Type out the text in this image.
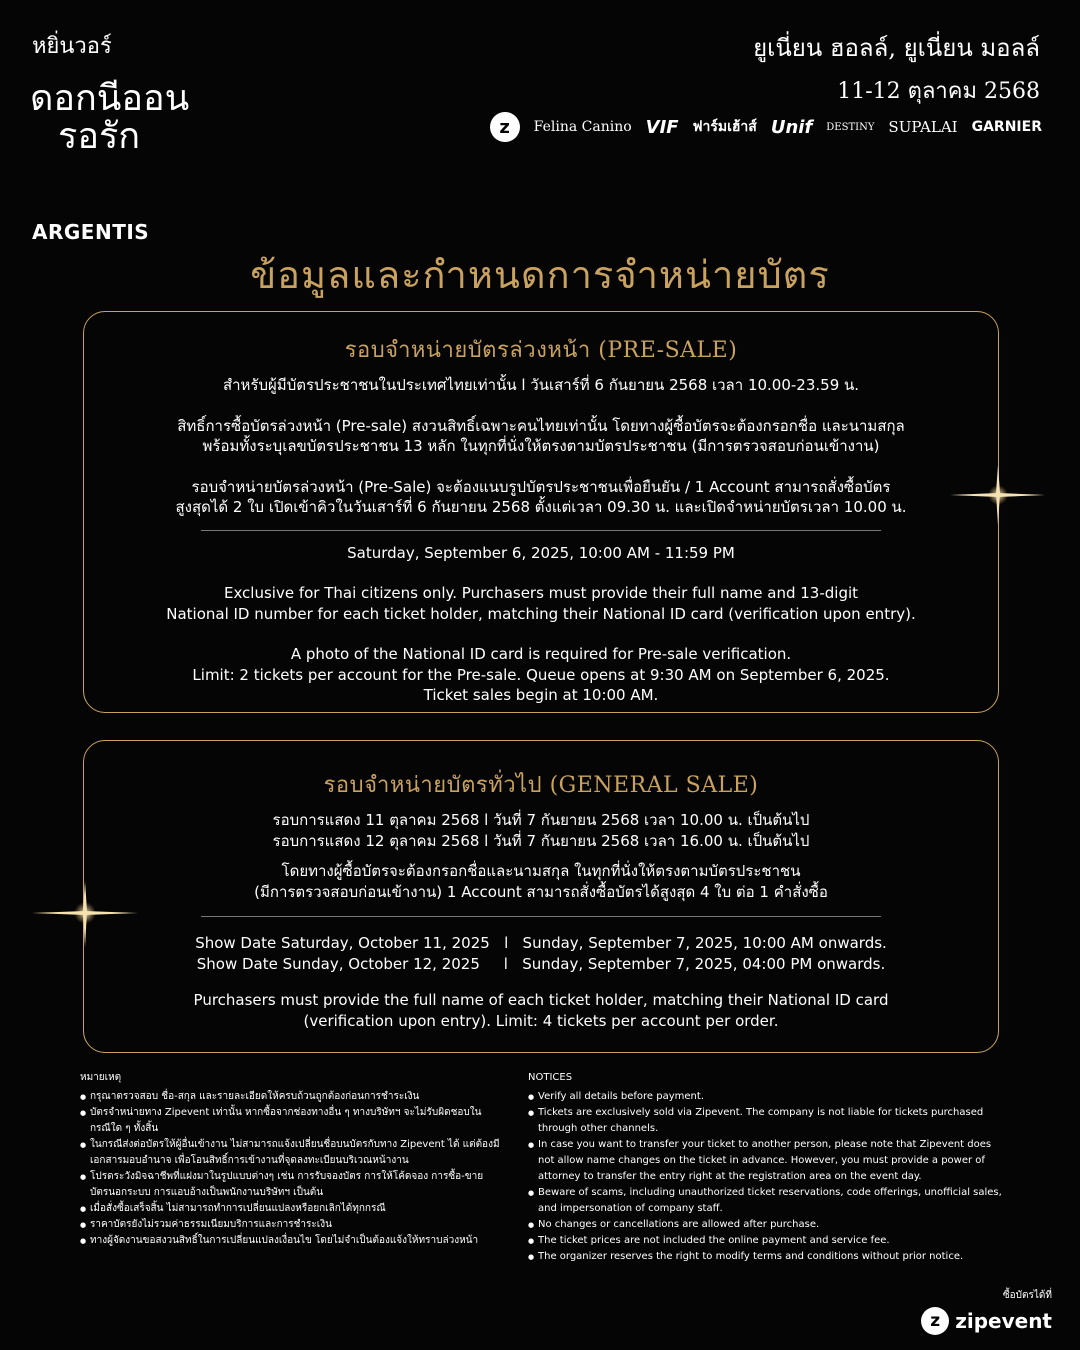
หยิ่นวอร์
ดอกนีออน
รอรัก
ยูเนี่ยน ฮอลล์, ยูเนี่ยน มอลล์
11-12 ตุลาคม 2568
z	Felina Canino VIF ฟาร์มเฮ้าส์ Unif DESTINY SUPALAI GARNIER
ARGENTIS
ข้อมูลและกำหนดการจำหน่ายบัตร
รอบจำหน่ายบัตรล่วงหน้า (PRE-SALE)
สำหรับผู้มีบัตรประชาชนในประเทศไทยเท่านั้น l วันเสาร์ที่ 6 กันยายน 2568 เวลา 10.00-23.59 น.
สิทธิ์การซื้อบัตรล่วงหน้า (Pre-sale) สงวนสิทธิ์เฉพาะคนไทยเท่านั้น โดยทางผู้ซื้อบัตรจะต้องกรอกชื่อ และนามสกุล
พร้อมทั้งระบุเลขบัตรประชาชน 13 หลัก ในทุกที่นั่งให้ตรงตามบัตรประชาชน (มีการตรวจสอบก่อนเข้างาน)
รอบจำหน่ายบัตรล่วงหน้า (Pre-Sale) จะต้องแนบรูปบัตรประชาชนเพื่อยืนยัน / 1 Account สามารถสั่งซื้อบัตร
สูงสุดได้ 2 ใบ เปิดเข้าคิวในวันเสาร์ที่ 6 กันยายน 2568 ตั้งแต่เวลา 09.30 น. และเปิดจำหน่ายบัตรเวลา 10.00 น.
Saturday, September 6, 2025, 10:00 AM - 11:59 PM
Exclusive for Thai citizens only. Purchasers must provide their full name and 13-digit
National ID number for each ticket holder, matching their National ID card (verification upon entry).
A photo of the National ID card is required for Pre-sale verification.
Limit: 2 tickets per account for the Pre-sale. Queue opens at 9:30 AM on September 6, 2025.
Ticket sales begin at 10:00 AM.
รอบจำหน่ายบัตรทั่วไป (GENERAL SALE)
รอบการแสดง 11 ตุลาคม 2568 l วันที่ 7 กันยายน 2568 เวลา 10.00 น. เป็นต้นไป
รอบการแสดง 12 ตุลาคม 2568 l วันที่ 7 กันยายน 2568 เวลา 16.00 น. เป็นต้นไป
โดยทางผู้ซื้อบัตรจะต้องกรอกชื่อและนามสกุล ในทุกที่นั่งให้ตรงตามบัตรประชาชน
(มีการตรวจสอบก่อนเข้างาน) 1 Account สามารถสั่งซื้อบัตรได้สูงสุด 4 ใบ ต่อ 1 คำสั่งซื้อ
Show Date Saturday, October 11, 2025   l   Sunday, September 7, 2025, 10:00 AM onwards.
Show Date Sunday, October 12, 2025     l   Sunday, September 7, 2025, 04:00 PM onwards.
Purchasers must provide the full name of each ticket holder, matching their National ID card
(verification upon entry). Limit: 4 tickets per account per order.
หมายเหตุ
● กรุณาตรวจสอบ ชื่อ-สกุล และรายละเอียดให้ครบถ้วนถูกต้องก่อนการชำระเงิน
● บัตรจำหน่ายทาง Zipevent เท่านั้น หากซื้อจากช่องทางอื่น ๆ ทางบริษัทฯ จะไม่รับผิดชอบในกรณีใด ๆ ทั้งสิ้น
● ในกรณีส่งต่อบัตรให้ผู้อื่นเข้างาน ไม่สามารถแจ้งเปลี่ยนชื่อบนบัตรกับทาง Zipevent ได้ แต่ต้องมีเอกสารมอบอำนาจ เพื่อโอนสิทธิ์การเข้างานที่จุดลงทะเบียนบริเวณหน้างาน
● โปรดระวังมิจฉาชีพที่แฝงมาในรูปแบบต่างๆ เช่น การรับจองบัตร การให้โค้ดจอง การซื้อ-ขาย บัตรนอกระบบ การแอบอ้างเป็นพนักงานบริษัทฯ เป็นต้น
● เมื่อสั่งซื้อเสร็จสิ้น ไม่สามารถทำการเปลี่ยนแปลงหรือยกเลิกได้ทุกกรณี
● ราคาบัตรยังไม่รวมค่าธรรมเนียมบริการและการชำระเงิน
● ทางผู้จัดงานขอสงวนสิทธิ์ในการเปลี่ยนแปลงเงื่อนไข โดยไม่จำเป็นต้องแจ้งให้ทราบล่วงหน้า
NOTICES
● Verify all details before payment.
● Tickets are exclusively sold via Zipevent. The company is not liable for tickets purchased through other channels.
● In case you want to transfer your ticket to another person, please note that Zipevent does not allow name changes on the ticket in advance. However, you must provide a power of attorney to transfer the entry right at the registration area on the event day.
● Beware of scams, including unauthorized ticket reservations, code offerings, unofficial sales, and impersonation of company staff.
● No changes or cancellations are allowed after purchase.
● The ticket prices are not included the online payment and service fee.
● The organizer reserves the right to modify terms and conditions without prior notice.
ซื้อบัตรได้ที่
z zipevent
